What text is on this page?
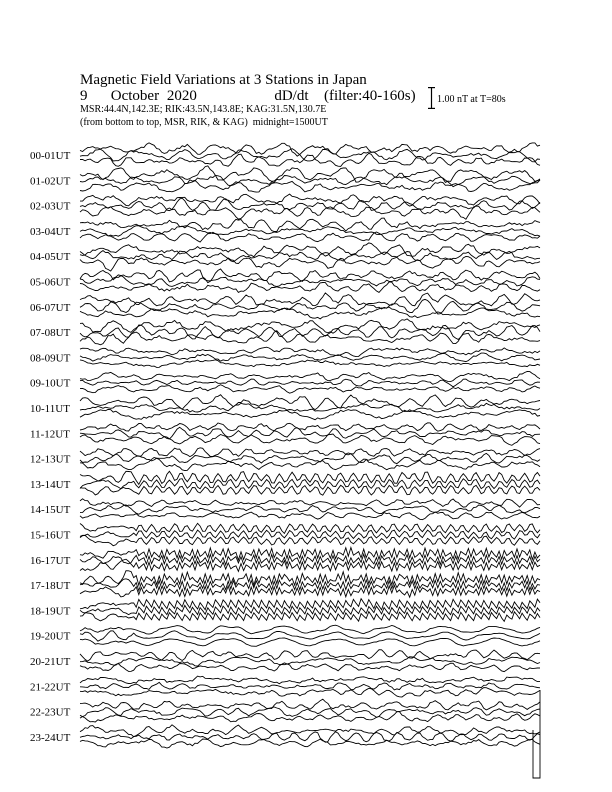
Magnetic Field Variations at 3 Stations in Japan
9 October 2020	dD/dt (filter:40-160s)
MSR:44.4N,142.3E; RIK:43.5N,143.8E; KAG:31.5N,130.7E
(from bottom to top, MSR, RIK, & KAG) midnight=1500UT
1.00 nT at T=80s
00-01UT
01-02UT
02-03UT
03-04UT
04-05UT
05-06UT
06-07UT
07-08UT
08-09UT
09-10UT
10-11UT
11-12UT
12-13UT
13-14UT
14-15UT
15-16UT
16-17UT
17-18UT
18-19UT
19-20UT
20-21UT
21-22UT
22-23UT
23-24UT
